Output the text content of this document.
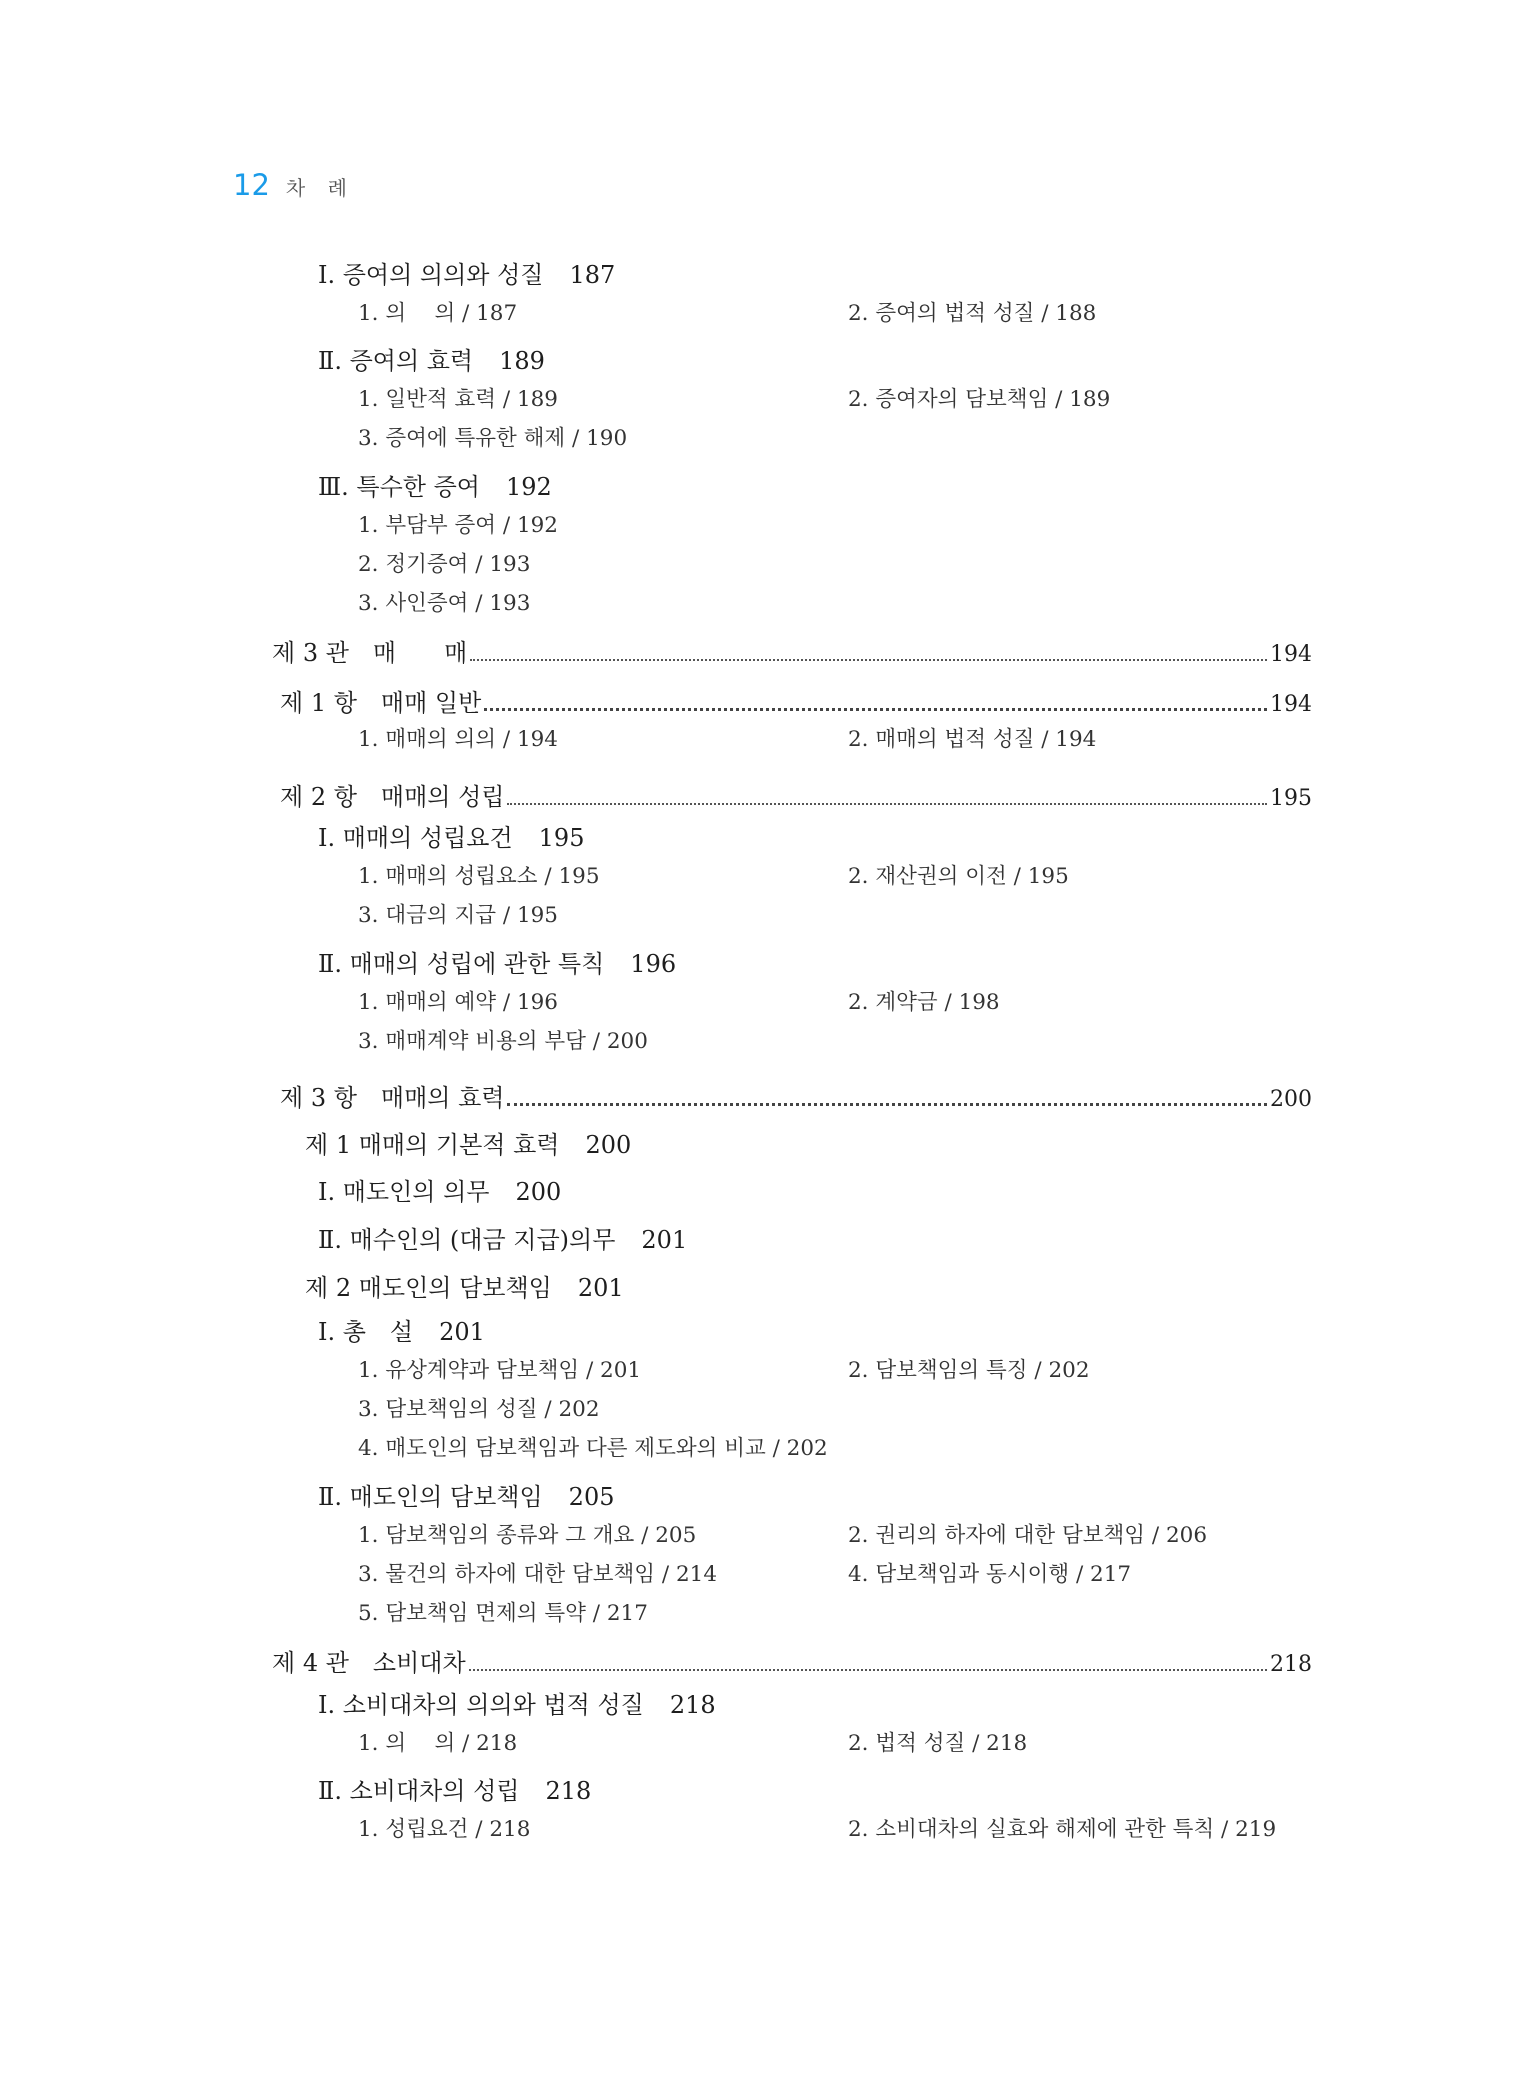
12 차 례
Ⅰ. 증여의 의의와 성질 187
1. 의　 의 / 187	2. 증여의 법적 성질 / 188
Ⅱ. 증여의 효력 189
1. 일반적 효력 / 189	2. 증여자의 담보책임 / 189
3. 증여에 특유한 해제 / 190
Ⅲ. 특수한 증여 192
1. 부담부 증여 / 192
2. 정기증여 / 193
3. 사인증여 / 193
제 3 관　매　　매	194
제 1 항　매매 일반	194
1. 매매의 의의 / 194	2. 매매의 법적 성질 / 194
제 2 항　매매의 성립	195
Ⅰ. 매매의 성립요건 195
1. 매매의 성립요소 / 195	2. 재산권의 이전 / 195
3. 대금의 지급 / 195
Ⅱ. 매매의 성립에 관한 특칙 196
1. 매매의 예약 / 196	2. 계약금 / 198
3. 매매계약 비용의 부담 / 200
제 3 항　매매의 효력	200
제 1 매매의 기본적 효력 200
Ⅰ. 매도인의 의무 200
Ⅱ. 매수인의 (대금 지급)의무 201
제 2 매도인의 담보책임 201
Ⅰ. 총　설 201
1. 유상계약과 담보책임 / 201	2. 담보책임의 특징 / 202
3. 담보책임의 성질 / 202
4. 매도인의 담보책임과 다른 제도와의 비교 / 202
Ⅱ. 매도인의 담보책임 205
1. 담보책임의 종류와 그 개요 / 205	2. 권리의 하자에 대한 담보책임 / 206
3. 물건의 하자에 대한 담보책임 / 214	4. 담보책임과 동시이행 / 217
5. 담보책임 면제의 특약 / 217
제 4 관　소비대차	218
Ⅰ. 소비대차의 의의와 법적 성질 218
1. 의　 의 / 218	2. 법적 성질 / 218
Ⅱ. 소비대차의 성립 218
1. 성립요건 / 218	2. 소비대차의 실효와 해제에 관한 특칙 / 219
